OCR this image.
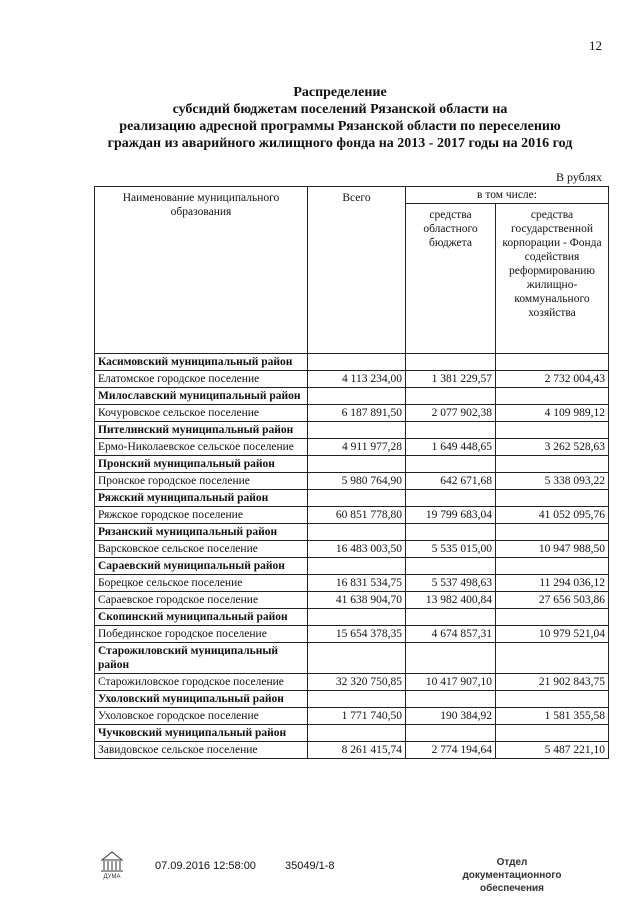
12
Распределение
субсидий бюджетам поселений Рязанской области на
реализацию адресной программы Рязанской области по переселению
граждан из аварийного жилищного фонда на 2013 - 2017 годы на 2016 год
В рублях
Наименование муниципального образования	Всего	в том числе:	
		средства областного бюджета	средства государственной корпорации - Фонда содействия реформированию жилищно-коммунального хозяйства
Касимовский муниципальный район			
Елатомское городское поселение	4 113 234,00	1 381 229,57	2 732 004,43
Милославский муниципальный район			
Кочуровское сельское поселение	6 187 891,50	2 077 902,38	4 109 989,12
Пителинский муниципальный район			
Ермо-Николаевское сельское поселение	4 911 977,28	1 649 448,65	3 262 528,63
Пронский муниципальный район			
Пронское городское поселение	5 980 764,90	642 671,68	5 338 093,22
Ряжский муниципальный район			
Ряжское городское поселение	60 851 778,80	19 799 683,04	41 052 095,76
Рязанский муниципальный район			
Варсковское сельское поселение	16 483 003,50	5 535 015,00	10 947 988,50
Сараевский муниципальный район			
Борецкое сельское поселение	16 831 534,75	5 537 498,63	11 294 036,12
Сараевское городское поселение	41 638 904,70	13 982 400,84	27 656 503,86
Скопинский муниципальный район			
Побединское городское поселение	15 654 378,35	4 674 857,31	10 979 521,04
Старожиловский муниципальный район			
Старожиловское городское поселение	32 320 750,85	10 417 907,10	21 902 843,75
Ухоловский муниципальный район			
Ухоловское городское поселение	1 771 740,50	190 384,92	1 581 355,58
Чучковский муниципальный район			
Завидовское сельское поселение	8 261 415,74	2 774 194,64	5 487 221,10
ДУМА
07.09.2016 12:58:00	35049/1-8	Отдел документационного обеспечения
